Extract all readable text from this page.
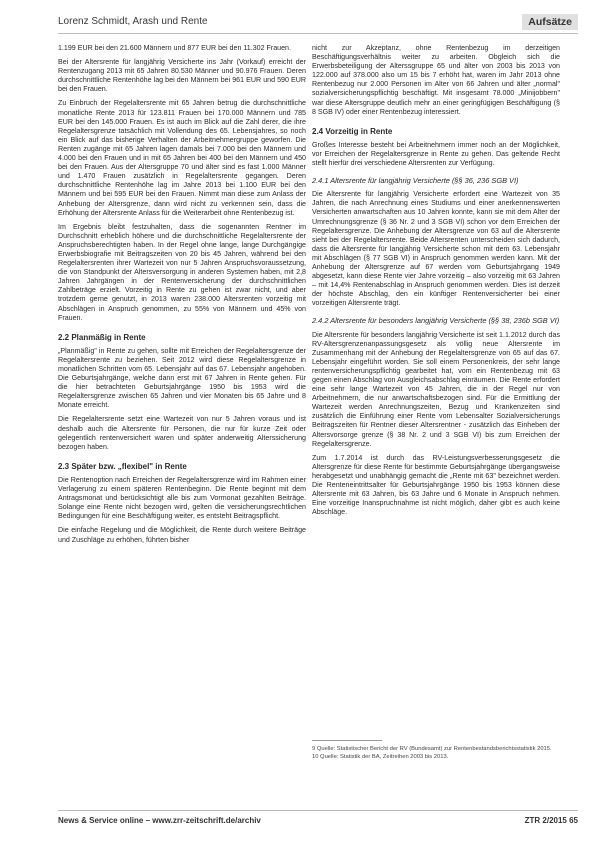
Lorenz Schmidt, Arash und Rente	Aufsätze

1.199 EUR bei den 21.600 Männern und 877 EUR bei den 11.302 Frauen.

Bei der Altersrente für langjährig Versicherte ins Jahr (Vorkauf) erreicht der Rentenzugang 2013 mit 65 Jahren 80.530 Männer und 90.976 Frauen. Deren durchschnittliche Rentenhöhe lag bei den Männern bei 961 EUR und 590 EUR bei den Frauen.

Zu Einbruch der Regelaltersrente mit 65 Jahren betrug die durchschnittliche monatliche Rente 2013 für 123.811 Frauen bei 170.000 Männern und 785 EUR bei den 145.000 Frauen. Es ist auch im Blick auf die Zahl derer, die ihre Regelaltersgrenze tatsächlich mit Vollendung des 65. Lebensjahres, so noch ein Blick auf das bisherige Verhalten der Arbeitnehmergruppe geworfen. Die Renten zugänge mit 65 Jahren lagen damals bei 7.000 bei den Männern und 4.000 bei den Frauen und in mit 65 Jahren bei 400 bei den Männern und 450 bei den Frauen. Aus der Altersgruppe 70 und älter sind es fast 1.000 Männer und 1.470 Frauen zusätzlich in Regelaltersrente gegangen. Deren durchschnittliche Rentenhöhe lag im Jahre 2013 bei 1.100 EUR bei den Männern und bei 595 EUR bei den Frauen. Nimmt man diese zum Anlass der Anhebung der Altersgrenze, dann wird nicht zu verkennen sein, dass die Erhöhung der Altersrente Anlass für die Weiterarbeit ohne Rentenbezug ist.

Im Ergebnis bleibt festzuhalten, dass die sogenannten Rentner im Durchschnitt erheblich höhere und die durchschnittliche Regelaltersrente der Anspruchsberechtigten haben. In der Regel ohne lange, lange Durchgängige Erwerbsbiografie mit Beitragszeiten von 20 bis 45 Jahren, während bei den Regelaltersrenten ihrer Wartezeit von nur 5 Jahren Anspruchsvoraussetzung, die von Standpunkt der Altersversorgung in anderen Systemen haben, mit 2,8 Jahren Jahrgängen in der Rentenversicherung der durchschnittlichen Zahlbeträge erzielt. Vorzeitig in Rente zu gehen ist zwar nicht, und aber trotzdem gerne genutzt, in 2013 waren 238.000 Altersrenten vorzeitig mit Abschlägen in Anspruch genommen, zu 55% von Männern und 45% von Frauen.

2.2 Planmäßig in Rente

„Planmäßig" in Rente zu gehen, sollte mit Erreichen der Regelaltersgrenze der Regelaltersrente zu beziehen. Seit 2012 wird diese Regelaltersgrenze in monatlichen Schritten vom 65. Lebensjahr auf das 67. Lebensjahr angehoben. Die Geburtsjahrgänge, welche dann erst mit 67 Jahren in Rente gehen. Für die hier betrachteten Geburtsjahrgänge 1950 bis 1953 wird die Regelaltersgrenze zwischen 65 Jahren und vier Monaten bis 65 Jahre und 8 Monate erreicht.

Die Regelaltersrente setzt eine Wartezeit von nur 5 Jahren voraus und ist deshalb auch die Altersrente für Personen, die nur für kurze Zeit oder gelegentlich rentenversichert waren und später anderweitig Alterssicherung bezogen haben.

2.3 Später bzw. „flexibel" in Rente

Die Rentenoption nach Erreichen der Regelaltersgrenze wird im Rahmen einer Verlagerung zu einem späteren Rentenbeginn. Die Rente beginnt mit dem Antragsmonat und berücksichtigt alle bis zum Vormonat gezahlten Beiträge. Solange eine Rente nicht bezogen wird, gelten die versicherungsrechtlichen Bedingungen für eine Beschäftigung weiter, es entsteht Beitragspflicht.

Die einfache Regelung und die Möglichkeit, die Rente durch weitere Beiträge und Zuschläge zu erhöhen, führten bisher

nicht zur Akzeptanz, ohne Rentenbezug im derzeitigen Beschäftigungsverhältnis weiter zu arbeiten. Obgleich sich die Erwerbsbeteiligung der Alterssgruppe 65 und älter von 2003 bis 2013 von 122.000 auf 378.000 also um 15 bis 7 erhöht hat, waren im Jahr 2013 ohne Rentenbezug nur 2.000 Personen im Alter von 66 Jahren und älter „normal" sozialversicherungspflichtig beschäftigt. Mit insgesamt 78.000 „Minijobbern" war diese Altersgruppe deutlich mehr an einer geringfügigen Beschäftigung (§ 8 SGB IV) oder einer Rentenbezug interessiert.

2.4 Vorzeitig in Rente

Großes Interesse besteht bei Arbeitnehmern immer noch an der Möglichkeit, vor Erreichen der Regelaltersgrenze in Rente zu gehen. Das geltende Recht stellt hierfür drei verschiedene Altersrenten zur Verfügung.

2.4.1 Altersrente für langjährig Versicherte (§§ 36, 236 SGB VI)

Die Altersrente für langjährig Versicherte erfordert eine Wartezeit von 35 Jahren, die nach Anrechnung eines Studiums und einer anerkennenswerten Versicherten anwartschaften aus 10 Jahren konnte, kann sie mit dem Alter der Umrechnungsgrenze (§ 36 Nr. 2 und 3 SGB VI) schon vor dem Erreichen der Regelaltersgrenze. Die Anhebung der Altersgrenze von 63 auf die Altersrente sieht bei der Regelaltersrente. Beide Altersrenten unterscheiden sich dadurch, dass die Altersrente für langjährig Versicherte schon mit dem 63. Lebensjahr mit Abschlägen (§ 77 SGB VI) in Anspruch genommen werden kann. Mit der Anhebung der Altersgrenze auf 67 werden vom Geburtsjahrgang 1949 abgesetzt, kann diese Rente vier Jahre vorzeitig – also vorzeitig mit 63 Jahren – mit 14,4% Rentenabschlag in Anspruch genommen werden. Dies ist derzeit der höchste Abschlag, den ein künftiger Rentenversicherter bei einer vorzeitigen Altersrente trägt.

2.4.2 Altersrente für besonders langjährig Versicherte (§§ 38, 236b SGB VI)

Die Altersrente für besonders langjährig Versicherte ist seit 1.1.2012 durch das RV-Altersgrenzenanpassungsgesetz als völlig neue Altersrente im Zusammenhang mit der Anhebung der Regelaltersgrenze von 65 auf das 67. Lebensjahr eingeführt worden. Sie soll einem Personenkreis, der sehr lange rentenversicherungspflichtig gearbeitet hat, vom ein Rentenbezug mit 63 gegen einen Abschlag von Ausgleichsabschlag einräumen. Die Rente erfordert eine sehr lange Wartezeit von 45 Jahren, die in der Regel nur von Arbeitnehmern, die nur anwartschaftsbezogen sind. Für die Ermittlung der Wartezeit werden Anrechnungszeiten, Bezug und Krankenzeiten sind zusätzlich die Einführung einer Rente vom Lebensalter Sozialversicherungs Beitragszeiten für Rentner dieser Altersrentner - zusätzlich das Einheben der Altersvorsorge grenze (§ 38 Nr. 2 und 3 SGB VI) bis zum Erreichen der Regelaltersgrenze.

Zum 1.7.2014 ist durch das RV-Leistungsverbesserungsgesetz die Altersgrenze für diese Rente für bestimmte Geburtsjahrgänge übergangsweise herabgesetzt und unabhängig gemacht die „Rente mit 63" bezeichnet werden. Die Renteneintrittsalter für Geburtsjahrgänge 1950 bis 1953 können diese Altersrente mit 63 Jahren, bis 63 Jahre und 6 Monate in Anspruch nehmen. Eine vorzeitige Inanspruchnahme ist nicht möglich, daher gibt es auch keine Abschläge.

9 Quelle: Statistischer Bericht der RV (Bundesamt) zur Rentenbestandsberichtsstatistik 2015.
10 Quelle: Statistik der BA, Zeitreihen 2003 bis 2013.
News & Service online – www.zrr-zeitschrift.de/archiv	ZTR 2/2015 65
